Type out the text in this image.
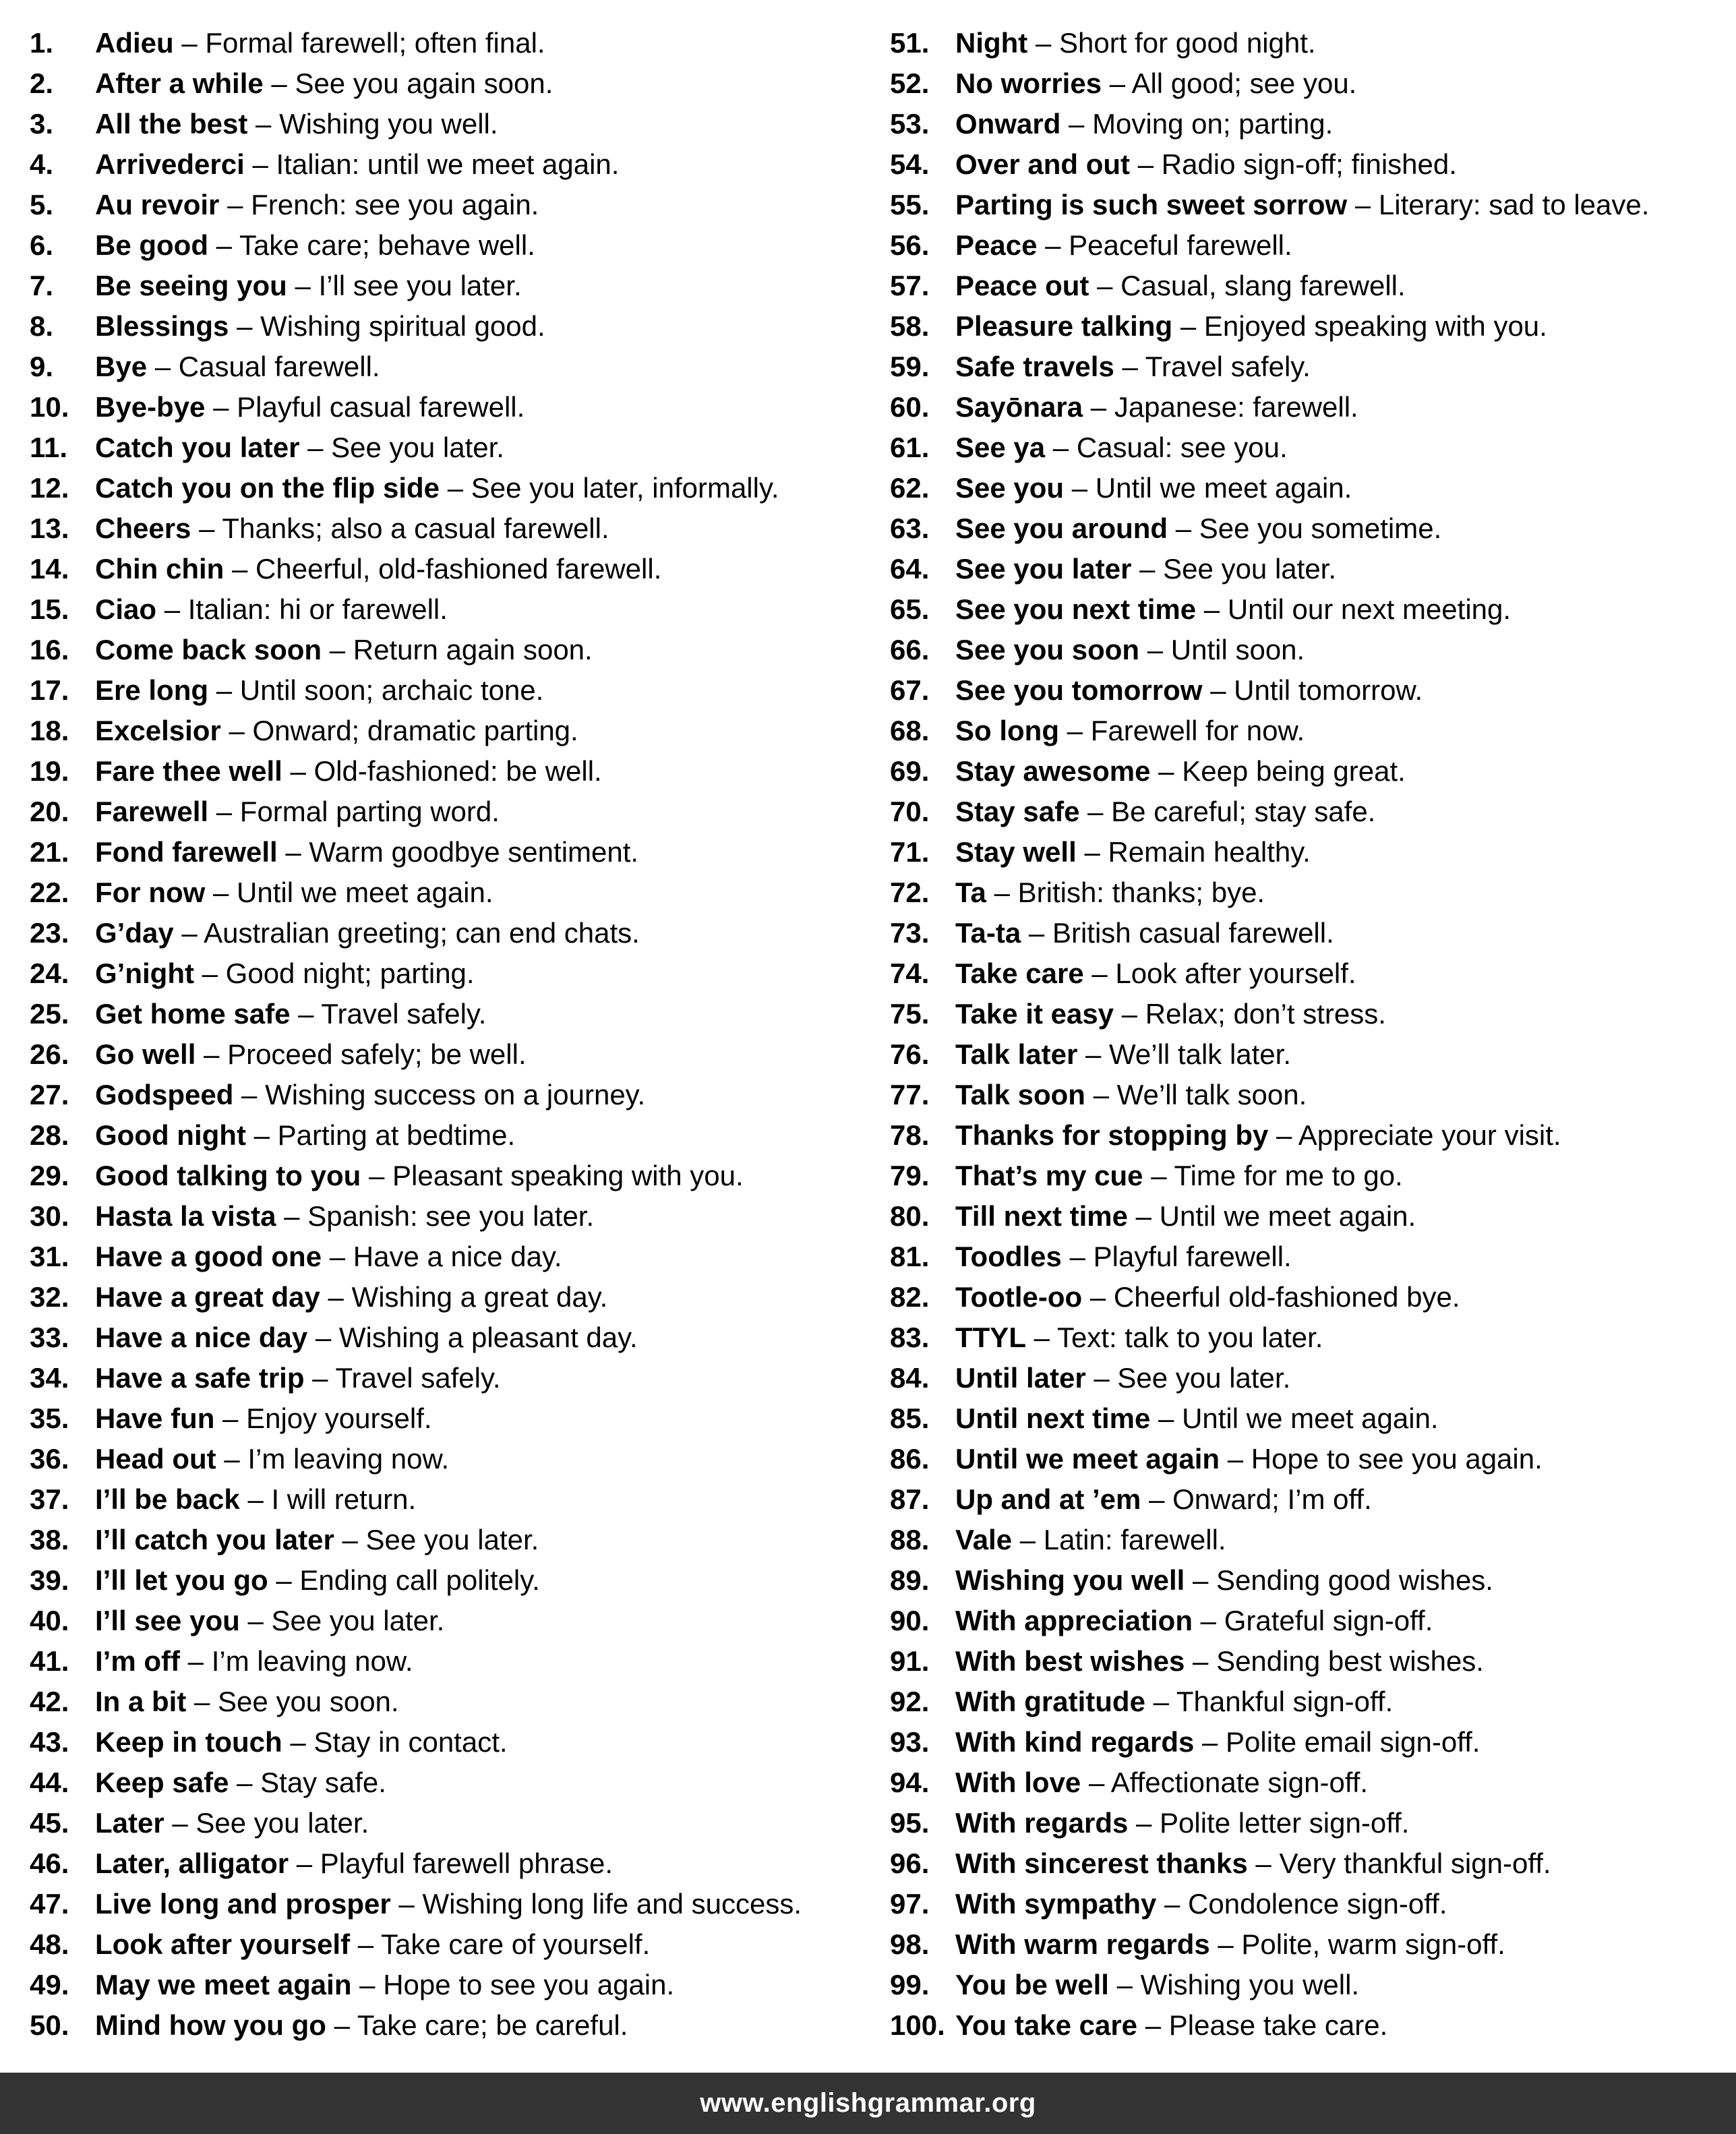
1. Adieu – Formal farewell; often final.
2. After a while – See you again soon.
3. All the best – Wishing you well.
4. Arrivederci – Italian: until we meet again.
5. Au revoir – French: see you again.
6. Be good – Take care; behave well.
7. Be seeing you – I’ll see you later.
8. Blessings – Wishing spiritual good.
9. Bye – Casual farewell.
10. Bye-bye – Playful casual farewell.
11. Catch you later – See you later.
12. Catch you on the flip side – See you later, informally.
13. Cheers – Thanks; also a casual farewell.
14. Chin chin – Cheerful, old-fashioned farewell.
15. Ciao – Italian: hi or farewell.
16. Come back soon – Return again soon.
17. Ere long – Until soon; archaic tone.
18. Excelsior – Onward; dramatic parting.
19. Fare thee well – Old-fashioned: be well.
20. Farewell – Formal parting word.
21. Fond farewell – Warm goodbye sentiment.
22. For now – Until we meet again.
23. G’day – Australian greeting; can end chats.
24. G’night – Good night; parting.
25. Get home safe – Travel safely.
26. Go well – Proceed safely; be well.
27. Godspeed – Wishing success on a journey.
28. Good night – Parting at bedtime.
29. Good talking to you – Pleasant speaking with you.
30. Hasta la vista – Spanish: see you later.
31. Have a good one – Have a nice day.
32. Have a great day – Wishing a great day.
33. Have a nice day – Wishing a pleasant day.
34. Have a safe trip – Travel safely.
35. Have fun – Enjoy yourself.
36. Head out – I’m leaving now.
37. I’ll be back – I will return.
38. I’ll catch you later – See you later.
39. I’ll let you go – Ending call politely.
40. I’ll see you – See you later.
41. I’m off – I’m leaving now.
42. In a bit – See you soon.
43. Keep in touch – Stay in contact.
44. Keep safe – Stay safe.
45. Later – See you later.
46. Later, alligator – Playful farewell phrase.
47. Live long and prosper – Wishing long life and success.
48. Look after yourself – Take care of yourself.
49. May we meet again – Hope to see you again.
50. Mind how you go – Take care; be careful.
51. Night – Short for good night.
52. No worries – All good; see you.
53. Onward – Moving on; parting.
54. Over and out – Radio sign-off; finished.
55. Parting is such sweet sorrow – Literary: sad to leave.
56. Peace – Peaceful farewell.
57. Peace out – Casual, slang farewell.
58. Pleasure talking – Enjoyed speaking with you.
59. Safe travels – Travel safely.
60. Sayōnara – Japanese: farewell.
61. See ya – Casual: see you.
62. See you – Until we meet again.
63. See you around – See you sometime.
64. See you later – See you later.
65. See you next time – Until our next meeting.
66. See you soon – Until soon.
67. See you tomorrow – Until tomorrow.
68. So long – Farewell for now.
69. Stay awesome – Keep being great.
70. Stay safe – Be careful; stay safe.
71. Stay well – Remain healthy.
72. Ta – British: thanks; bye.
73. Ta-ta – British casual farewell.
74. Take care – Look after yourself.
75. Take it easy – Relax; don’t stress.
76. Talk later – We’ll talk later.
77. Talk soon – We’ll talk soon.
78. Thanks for stopping by – Appreciate your visit.
79. That’s my cue – Time for me to go.
80. Till next time – Until we meet again.
81. Toodles – Playful farewell.
82. Tootle-oo – Cheerful old-fashioned bye.
83. TTYL – Text: talk to you later.
84. Until later – See you later.
85. Until next time – Until we meet again.
86. Until we meet again – Hope to see you again.
87. Up and at ’em – Onward; I’m off.
88. Vale – Latin: farewell.
89. Wishing you well – Sending good wishes.
90. With appreciation – Grateful sign-off.
91. With best wishes – Sending best wishes.
92. With gratitude – Thankful sign-off.
93. With kind regards – Polite email sign-off.
94. With love – Affectionate sign-off.
95. With regards – Polite letter sign-off.
96. With sincerest thanks – Very thankful sign-off.
97. With sympathy – Condolence sign-off.
98. With warm regards – Polite, warm sign-off.
99. You be well – Wishing you well.
100. You take care – Please take care.
www.englishgrammar.org
